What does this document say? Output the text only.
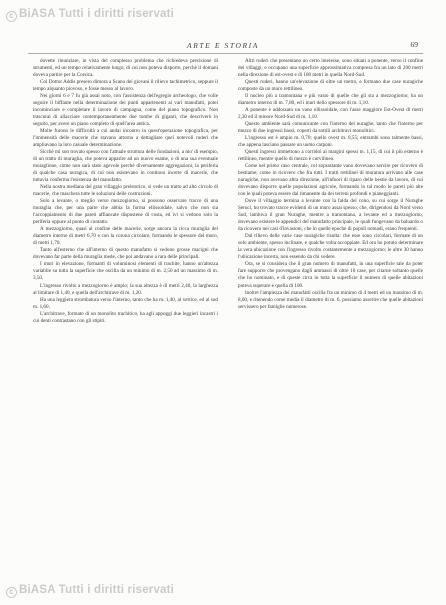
c BiASA Tutti i diritti riservati
ARTE E STORIA	69

dovette rinunziare, in vista del complesso problema che richiedeva precisione di strumenti, ed un tempo relativamente lungo, di cui non poteva disporre, perchè il domani doveva partire per la Corsica.

Col Dottor Addis presero dimora a Scano dei giovani il rilievo tachimetrico, seppure il tempo alquanto piovoso, e fosse messo al lavoro.

Nei giorni 6 e 7 fu già assai noto, con l'assistenza dell'egregio archeologo, che volle seguire il biffante nella determinazione dei punti appartenenti ai vari manufatti, potei incominciare e completare il lavoro di campagna, come del piano topografico. Non trascurai di allacciare contemporaneamente due tombe di giganti, che descriverò in seguito, per avere un piano completo di quell'area antica.

Molte furono le difficoltà a cui andai incontro in quest'operazione topografica, per l'immensità delle macerie che stavano attorno a dettagliare quei notevoli ruderi che ampliavano la loro casuale determinazione.

Sicchè mi son trovato spesso con l'attuale struttura delle fondazioni, a mo' di esempio, di un tratto di muraglia, che poteva apparire ad un nuovo esame, o di una sua eventuale muraglione, come non sarà stato agevole perchè diversamente aggregazioni, la periferia di qualche casa nuragica, di cui non esistevano in continuo incerte di macerie, che tuttavia conferma l'esistenza del manufatto.

Nella nostra mediana del gran villaggio preistorico, si vede un tratto ad alto circolo di macerie, che maschera tutte le soluzioni delle costruzioni.

Solo a levante, o meglio verso mezzogiorno, si possono osservare tracce di una muraglia che, per una parte che abbia la forma ellissoidale, salvo che non sia l'accoppiamento di due pareti affiancate dispostene di costa, ed ivi si vedono solo la periferia oppure al punto di contatto.

A mezzogiorno, quasi al confine delle macerie, sorge ancora la ricca muraglia del diametro interno di metri 6,70 e con la corona circolare, formando le spessore del muro, di metri 1,70.

Tanto all'esterno che all'interno di questo manufatto si vedono grosse macigni che dovevano far parte della muraglia mede, che poi andavano a rara delle principali.

I muri in elevazione, formanti di voluminosi elementi di trachite, hanno un'altezza variabile su tutta la superficie che oscilla da un minimo di m. 2,50 ad un massimo di m. 3,50.

L'ingresso rivolto a mezzogiorno è ampio; la sua altezza è di metri 2,40, la larghezza al limitare di 1,40, e quella dell'architrave di m. 1,20.

Ha una leggiera strombatura verso l'interno, tanto che ha m. 1,40, al vertice, ed al sud m. 1,60.

L'architrave, formato di un monolito trachitico, ha agli appoggi due leggieri incastri i cui denti contrastano con gli stipiti.

Altri ruderi che presentano un certo interesse, sono situati a ponente, verso il confine dei villaggi, e occupano una superficie approssimativa compresa fra un lato di 200 metri nella direzione di est-ovest e di 180 metri in quella Nord-Sud.

Questi ruderi, hanno un'elevazione di oltre un metro, e formano due case nuragiche composte da un muro rettilineo.

Il nucleo più a tramontana e più vasto di quelle che gli sta a mezzogiorno; ha un diametro interno di m. 7,80, ed i muri dello spessore di m. 1,10.

A ponente è addossato un vano ellissoidale, con l'asse maggiore Est-Ovest di metri 2,30 ed il minore Nord-Sud di m. 1,10.

Questo ambiente sarà comunicante con l'interno del nuraghe, tanto che l'interno per mezzo di due ingressi bassi, coperti da sottili architravi monolitici.

L'ingresso est è ampio m. 0,70; quello ovest m. 0,55; entrambi sono talmente bassi, che appena lasciano passare un uomo carponi.

Questi ingressi immettono a corridoi ai margini spessi m. 1,15, di cui il più esterno è rettilineo, mentre quello di mezzo è curvilineo.

Come nel primo caso centrale, col soprastante vano dovevano servire per ricovero di bestiame; come in ricovero che fra tutti. I tratti rettilinei di muratura arrivano alle case nuragiche, non avevano altra direzione, all'infuori di riparo delle bestie da lavoro, di cui dovevano disporre quelle popolazioni agricole, formando in tal modo le pareti più alte con le quali poteva essere dal rimanente da dei terreni profondi e pianeggianti.

Dove il villaggio termina a levante con la falda del cono, su cui sorge il Nuraghe Seruci, ho trovato tracce evidenti di un muro assai spesso, che, dirigendosi da Nord verso Sud, lambiva il gran Nuraghe, mentre a tramontana, a levante ed a mezzogiorno, dovevano esistere le appendici del manufatto principale, le quali fungevano da baluardo o da ricovero nei casi d'invasioni, che in quelle epoche di popoli nomadi, erano frequenti.

Dal rilievo delle varie case nuragiche risulta: che esse sono circolari, formate di un solo ambiente, spesso inclinate, e qualche volta accoppiate. Ed ora ho potuto determinare la vera ubicazione con l'ingresso rivolto costantemente a mezzogiorno; le altre 30 hanno l'ubicazione incerta, non essendo da chi vedere.

Ora, se si considera che il gran numero di manufatti, in una superficie tale da poter fare supporre che provengano dagli ammassi di oltre 10 case, per citarne soltanto quelle che ho nominato, e di queste circa in tutta la superficie il numero di quelle abitazioni poteva superare e quella di 100.

Inoltre l'ampiezza dei manufatti oscilla fra un minimo di 4 metri ed un massimo di m. 8,00, e ritenendo come media il diametro di m. 6, possiamo asserire che quelle abitazioni servissero per famiglie numerose.

c BiASA Tutti i diritti riservati
